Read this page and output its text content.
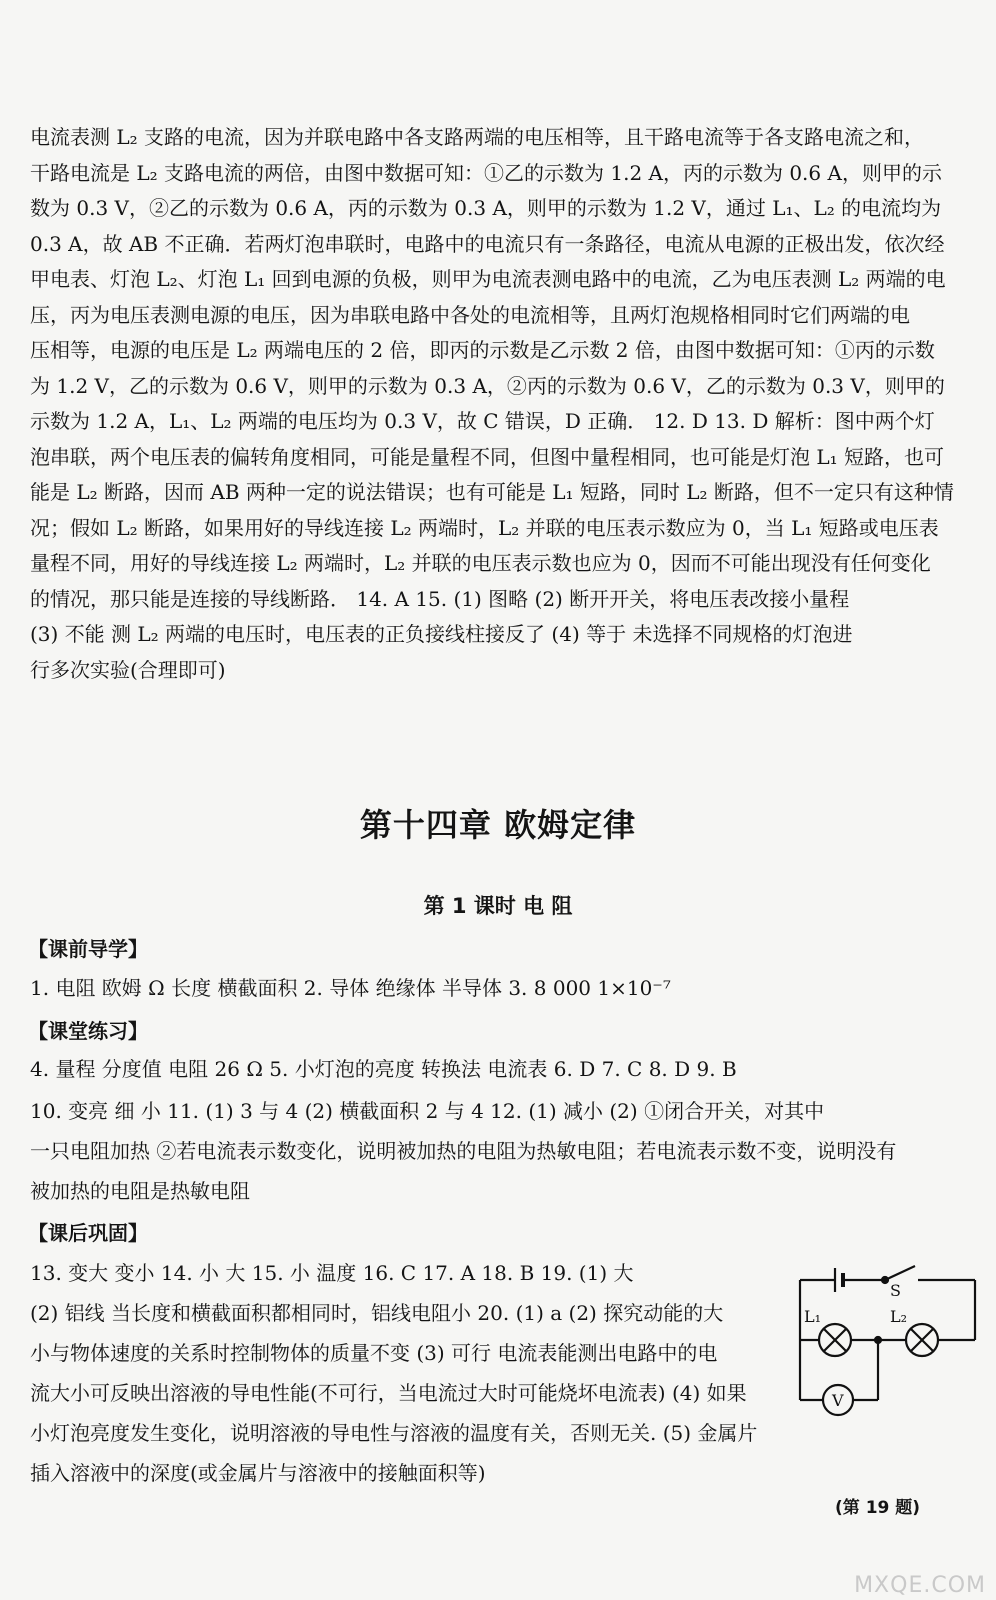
电流表测 L₂ 支路的电流，因为并联电路中各支路两端的电压相等，且干路电流等于各支路电流之和，
干路电流是 L₂ 支路电流的两倍，由图中数据可知：①乙的示数为 1.2 A，丙的示数为 0.6 A，则甲的示
数为 0.3 V，②乙的示数为 0.6 A，丙的示数为 0.3 A，则甲的示数为 1.2 V，通过 L₁、L₂ 的电流均为
0.3 A，故 AB 不正确．若两灯泡串联时，电路中的电流只有一条路径，电流从电源的正极出发，依次经
甲电表、灯泡 L₂、灯泡 L₁ 回到电源的负极，则甲为电流表测电路中的电流，乙为电压表测 L₂ 两端的电
压，丙为电压表测电源的电压，因为串联电路中各处的电流相等，且两灯泡规格相同时它们两端的电
压相等，电源的电压是 L₂ 两端电压的 2 倍，即丙的示数是乙示数 2 倍，由图中数据可知：①丙的示数
为 1.2 V，乙的示数为 0.6 V，则甲的示数为 0.3 A，②丙的示数为 0.6 V，乙的示数为 0.3 V，则甲的
示数为 1.2 A，L₁、L₂ 两端的电压均为 0.3 V，故 C 错误，D 正确． 12. D 13. D 解析：图中两个灯
泡串联，两个电压表的偏转角度相同，可能是量程不同，但图中量程相同，也可能是灯泡 L₁ 短路，也可
能是 L₂ 断路，因而 AB 两种一定的说法错误；也有可能是 L₁ 短路，同时 L₂ 断路，但不一定只有这种情
况；假如 L₂ 断路，如果用好的导线连接 L₂ 两端时，L₂ 并联的电压表示数应为 0，当 L₁ 短路或电压表
量程不同，用好的导线连接 L₂ 两端时，L₂ 并联的电压表示数也应为 0，因而不可能出现没有任何变化
的情况，那只能是连接的导线断路． 14. A 15. (1) 图略 (2) 断开开关，将电压表改接小量程
(3) 不能 测 L₂ 两端的电压时，电压表的正负接线柱接反了 (4) 等于 未选择不同规格的灯泡进
行多次实验(合理即可)
第十四章 欧姆定律
第 1 课时 电 阻
【课前导学】
1. 电阻 欧姆 Ω 长度 横截面积 2. 导体 绝缘体 半导体 3. 8 000 1×10⁻⁷
【课堂练习】
4. 量程 分度值 电阻 26 Ω 5. 小灯泡的亮度 转换法 电流表 6. D 7. C 8. D 9. B
10. 变亮 细 小 11. (1) 3 与 4 (2) 横截面积 2 与 4 12. (1) 减小 (2) ①闭合开关，对其中
一只电阻加热 ②若电流表示数变化，说明被加热的电阻为热敏电阻；若电流表示数不变，说明没有
被加热的电阻是热敏电阻
【课后巩固】
13. 变大 变小 14. 小 大 15. 小 温度 16. C 17. A 18. B 19. (1) 大
(2) 铝线 当长度和横截面积都相同时，铝线电阻小 20. (1) a (2) 探究动能的大
小与物体速度的关系时控制物体的质量不变 (3) 可行 电流表能测出电路中的电
流大小可反映出溶液的导电性能(不可行，当电流过大时可能烧坏电流表) (4) 如果
小灯泡亮度发生变化，说明溶液的导电性与溶液的温度有关，否则无关. (5) 金属片
插入溶液中的深度(或金属片与溶液中的接触面积等)
S
L₁	L₂
V
(第 19 题)
MXQE.COM
